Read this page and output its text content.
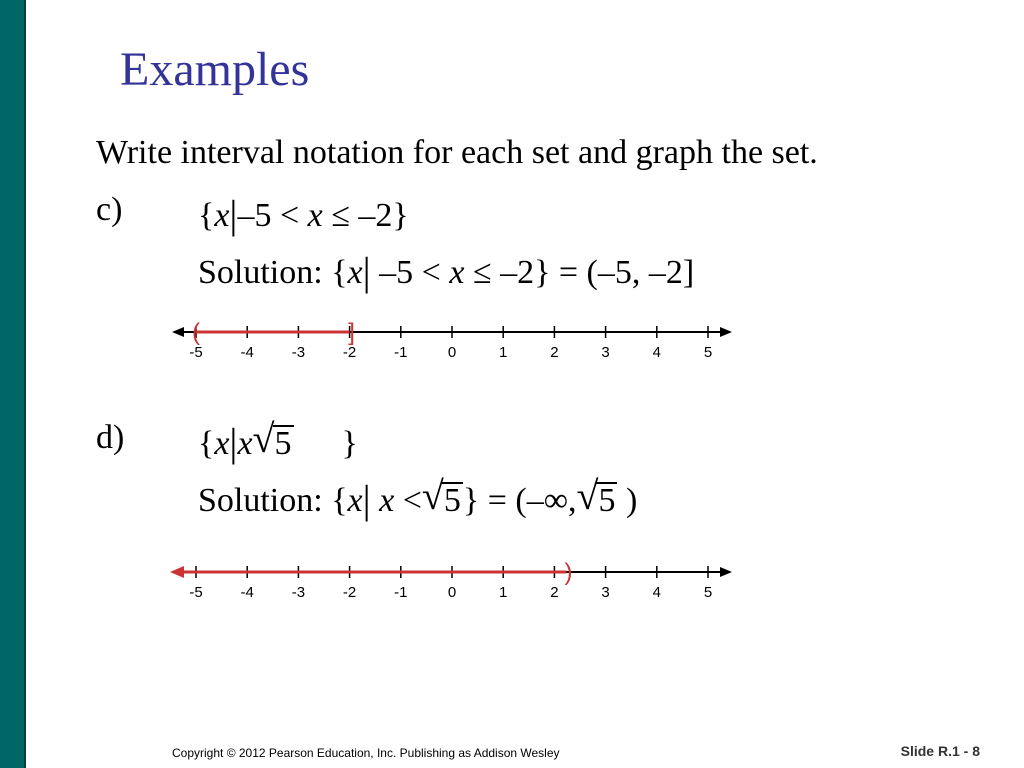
Examples
Write interval notation for each set and graph the set.
c) {x|–5 < x ≤ –2}
Solution: {x| –5 < x ≤ –2} = (–5, –2]
d) {x|x √ 5 }
Solution: {x| x < √ 5} = (–∞, √ 5 )
-5	-4	-3	-2	-1	0	1	2	3	4	5
(	]
-5	-4	-3	-2	-1	0	1	2	3	4	5
)
Copyright © 2012 Pearson Education, Inc. Publishing as Addison Wesley	Slide R.1 - 8
